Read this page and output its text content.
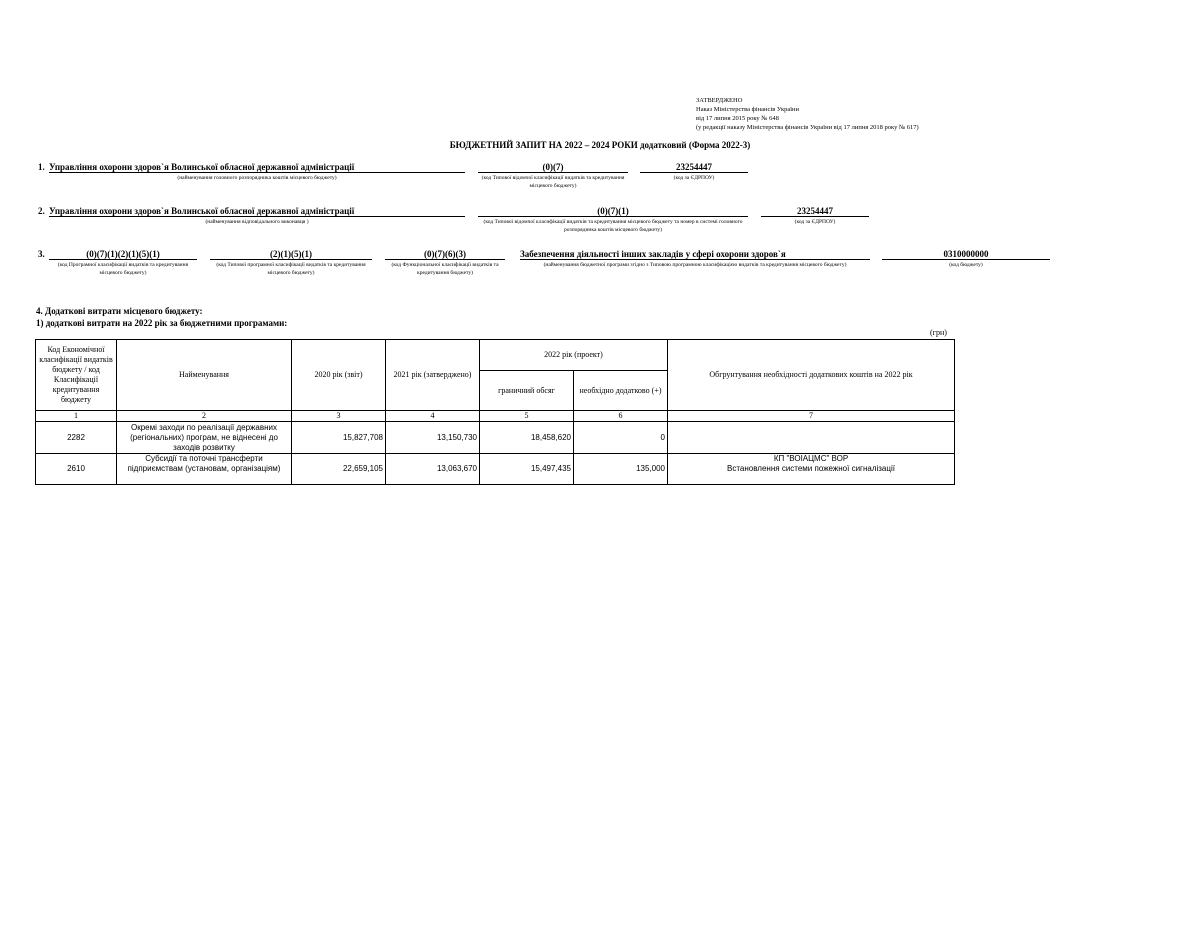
ЗАТВЕРДЖЕНО
Наказ Міністерства фінансів України
від 17 липня 2015 року № 648
(у редакції наказу Міністерства фінансів України від 17 липня 2018 року № 617)
БЮДЖЕТНИЙ ЗАПИТ НА 2022 – 2024 РОКИ додатковий (Форма 2022-3)
1. Управління охорони здоров`я Волинської обласної державної адміністрації
(найменування головного розпорядника коштів місцевого бюджету)
(0)(7)
(код Типової відомчої класифікації видатків та кредитування місцевого бюджету)
23254447
(код за ЄДРПОУ)
2. Управління охорони здоров`я Волинської обласної державної адміністрації
(найменування відповідального виконавця )
(0)(7)(1)
(код Типової відомчої класифікації видатків та кредитування місцевого бюджету та номер в системі головного розпорядника коштів місцевого бюджету)
23254447
(код за ЄДРПОУ)
3.	(0)(7)(1)(2)(1)(5)(1)
(код Програмної класифікації видатків та кредитування місцевого бюджету)
(2)(1)(5)(1)
(код Типової програмної класифікації видатків та кредитування місцевого бюджету)
(0)(7)(6)(3)
(код Функціональної класифікації видатків та кредитування бюджету)
Забезпечення діяльності інших закладів у сфері охорони здоров`я
(найменування бюджетної програми згідно з Типовою програмною класифікацією видатків та кредитування місцевого бюджету)
0310000000
(код бюджету)
4. Додаткові витрати місцевого бюджету:
1) додаткові витрати на 2022 рік за бюджетними програмами:
(грн)
Код Економічної класифікації видатків бюджету / код Класифікації кредитування бюджету	Найменування	2020 рік (звіт)	2021 рік (затверджено)	2022 рік (проект)		Обгрунтування необхідності додаткових коштів на 2022 рік
				граничний обсяг	необхідно додатково (+)	
1	2	3	4	5	6	7
2282	Окремі заходи по реалізації державних (регіональних) програм, не віднесені до заходів розвитку	15,827,708	13,150,730	18,458,620	0	

2610	Субсидії та поточні трансферти підприємствам (установам, організаціям)	22,659,105	13,063,670	15,497,435	135,000	КП "ВОІАЦМС" ВОР
Встановлення системи пожежної сигналізації
